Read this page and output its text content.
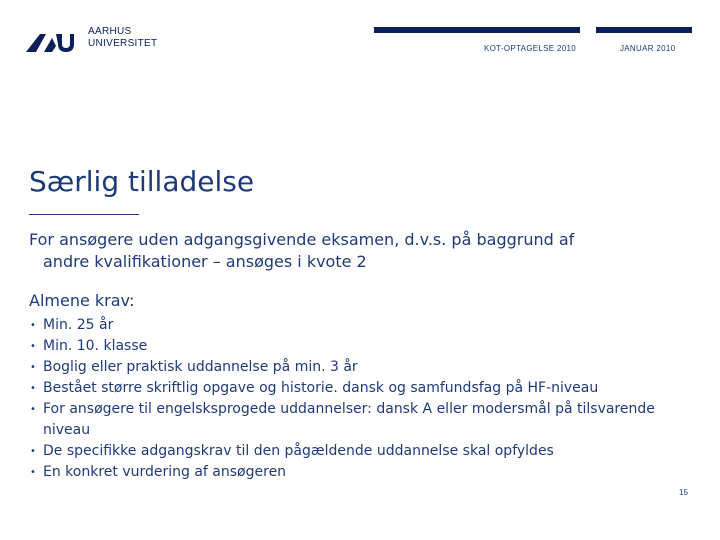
AARHUS
UNIVERSITET	KOT-OPTAGELSE 2010	JANUAR 2010
Særlig tilladelse

For ansøgere uden adgangsgivende eksamen, d.v.s. på baggrund af
andre kvalifikationer – ansøges i kvote 2

Almene krav:

• Min. 25 år
• Min. 10. klasse
• Boglig eller praktisk uddannelse på min. 3 år
• Bestået større skriftlig opgave og historie. dansk og samfundsfag på HF-niveau
• For ansøgere til engelsksprogede uddannelser: dansk A eller modersmål på tilsvarende niveau
• De specifikke adgangskrav til den pågældende uddannelse skal opfyldes
• En konkret vurdering af ansøgeren
15
